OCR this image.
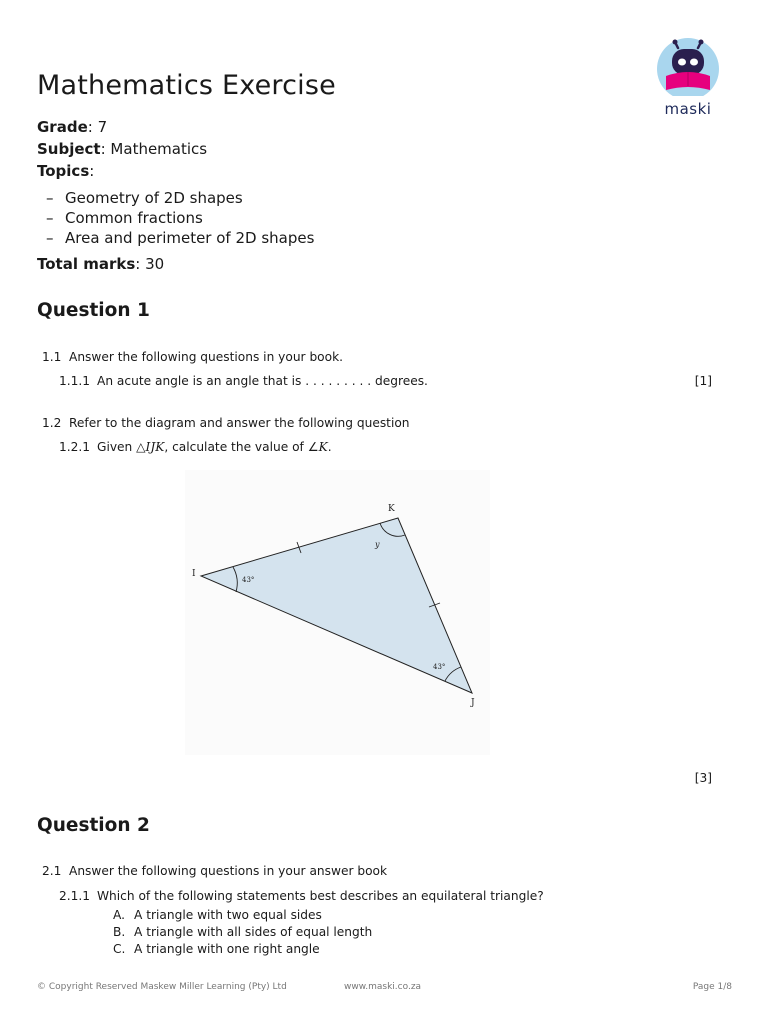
Mathematics Exercise
maski
Grade: 7
Subject: Mathematics
Topics:
– Geometry of 2D shapes
– Common fractions
– Area and perimeter of 2D shapes
Total marks: 30
Question 1
1.1 Answer the following questions in your book.
1.1.1 An acute angle is an angle that is . . . . . . . . . degrees.	[1]
1.2 Refer to the diagram and answer the following question
1.2.1 Given △IJK, calculate the value of ∠K.
K
I
J
43°
43°
y
[3]
Question 2
2.1 Answer the following questions in your answer book
2.1.1 Which of the following statements best describes an equilateral triangle?
A. A triangle with two equal sides
B. A triangle with all sides of equal length
C. A triangle with one right angle
© Copyright Reserved Maskew Miller Learning (Pty) Ltd	www.maski.co.za	Page 1/8
